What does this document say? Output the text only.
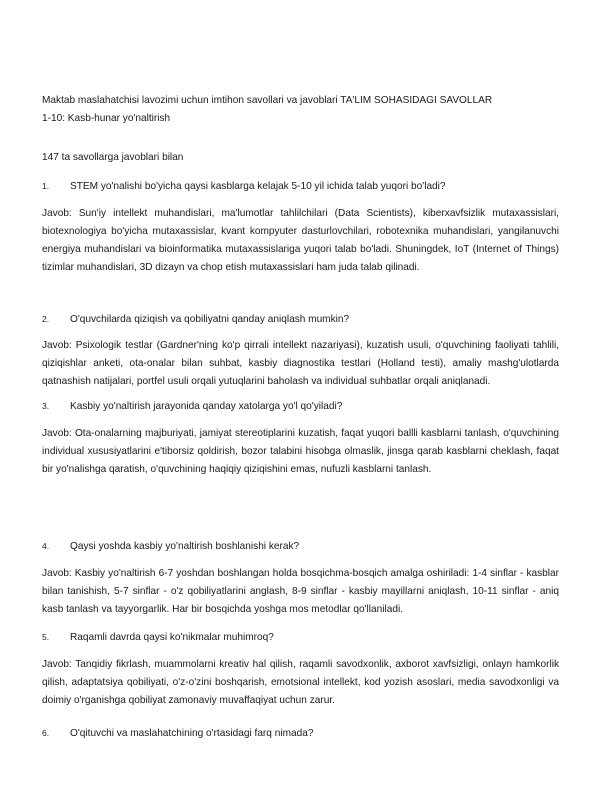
Maktab maslahatchisi lavozimi uchun imtihon savollari va javoblari TA'LIM SOHASIDAGI SAVOLLAR
1-10: Kasb-hunar yo'naltirish
147 ta savollarga javoblari bilan
1. STEM yo'nalishi bo'yicha qaysi kasblarga kelajak 5-10 yil ichida talab yuqori bo'ladi?
Javob: Sun'iy intellekt muhandislari, ma'lumotlar tahlilchilari (Data Scientists), kiberxavfsizlik mutaxassislari, biotexnologiya bo'yicha mutaxassislar, kvant kompyuter dasturlovchilari, robotexnika muhandislari, yangilanuvchi energiya muhandislari va bioinformatika mutaxassislariga yuqori talab bo'ladi. Shuningdek, IoT (Internet of Things) tizimlar muhandislari, 3D dizayn va chop etish mutaxassislari ham juda talab qilinadi.
2. O'quvchilarda qiziqish va qobiliyatni qanday aniqlash mumkin?
Javob: Psixologik testlar (Gardner'ning ko'p qirrali intellekt nazariyasi), kuzatish usuli, o'quvchining faoliyati tahlili, qiziqishlar anketi, ota-onalar bilan suhbat, kasbiy diagnostika testlari (Holland testi), amaliy mashg'ulotlarda qatnashish natijalari, portfel usuli orqali yutuqlarini baholash va individual suhbatlar orqali aniqlanadi.
3. Kasbiy yo'naltirish jarayonida qanday xatolarga yo'l qo'yiladi?
Javob: Ota-onalarning majburiyati, jamiyat stereotiplarini kuzatish, faqat yuqori ballli kasblarni tanlash, o'quvchining individual xususiyatlarini e'tiborsiz qoldirish, bozor talabini hisobga olmaslik, jinsga qarab kasblarni cheklash, faqat bir yo'nalishga qaratish, o'quvchining haqiqiy qiziqishini emas, nufuzli kasblarni tanlash.
4. Qaysi yoshda kasbiy yo'naltirish boshlanishi kerak?
Javob: Kasbiy yo'naltirish 6-7 yoshdan boshlangan holda bosqichma-bosqich amalga oshiriladi: 1-4 sinflar - kasblar bilan tanishish, 5-7 sinflar - o'z qobiliyatlarini anglash, 8-9 sinflar - kasbiy mayillarni aniqlash, 10-11 sinflar - aniq kasb tanlash va tayyorgarlik. Har bir bosqichda yoshga mos metodlar qo'llaniladi.
5. Raqamli davrda qaysi ko'nikmalar muhimroq?
Javob: Tanqidiy fikrlash, muammolarni kreativ hal qilish, raqamli savodxonlik, axborot xavfsizligi, onlayn hamkorlik qilish, adaptatsiya qobiliyati, o'z-o'zini boshqarish, emotsional intellekt, kod yozish asoslari, media savodxonligi va doimiy o'rganishga qobiliyat zamonaviy muvaffaqiyat uchun zarur.
6. O'qituvchi va maslahatchining o'rtasidagi farq nimada?
